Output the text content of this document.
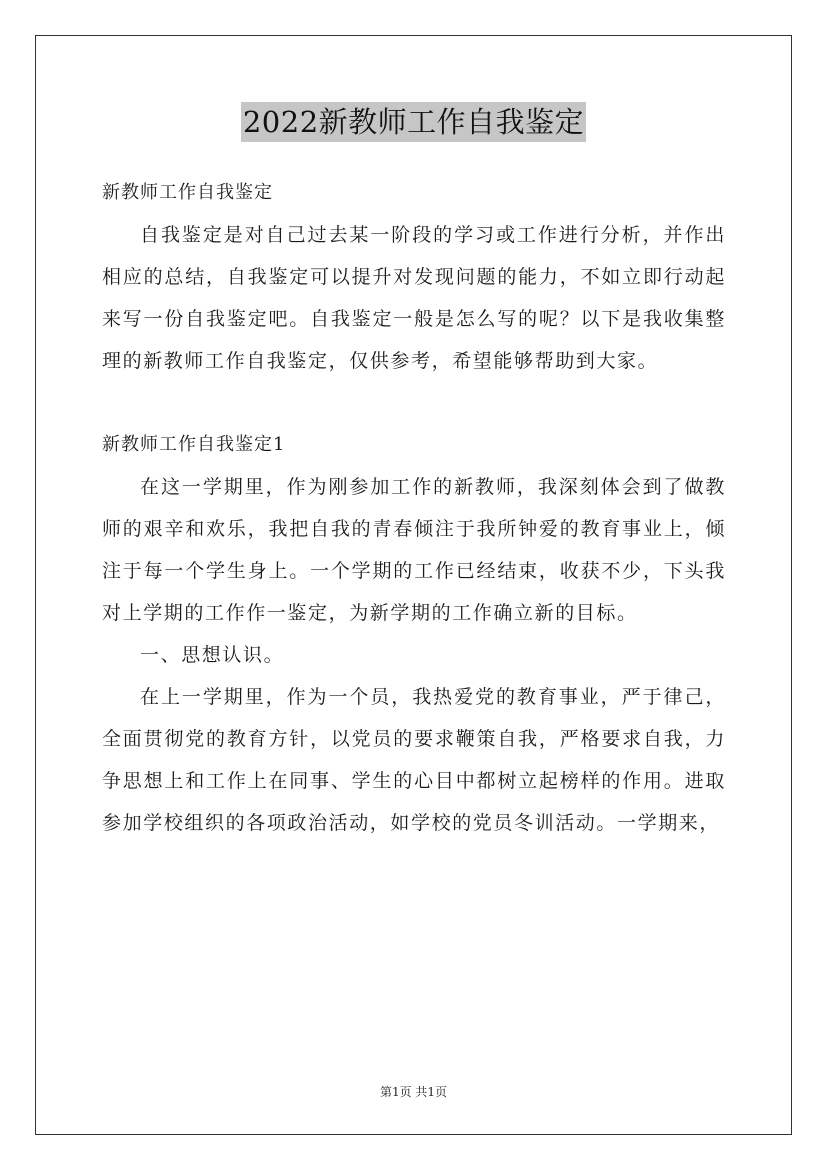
2022新教师工作自我鉴定

新教师工作自我鉴定

自我鉴定是对自己过去某一阶段的学习或工作进行分析，并作出相应的总结，自我鉴定可以提升对发现问题的能力，不如立即行动起来写一份自我鉴定吧。自我鉴定一般是怎么写的呢？以下是我收集整理的新教师工作自我鉴定，仅供参考，希望能够帮助到大家。

新教师工作自我鉴定1

在这一学期里，作为刚参加工作的新教师，我深刻体会到了做教师的艰辛和欢乐，我把自我的青春倾注于我所钟爱的教育事业上，倾注于每一个学生身上。一个学期的工作已经结束，收获不少，下头我对上学期的工作作一鉴定，为新学期的工作确立新的目标。

一、思想认识。

在上一学期里，作为一个员，我热爱党的教育事业，严于律己，全面贯彻党的教育方针，以党员的要求鞭策自我，严格要求自我，力争思想上和工作上在同事、学生的心目中都树立起榜样的作用。进取参加学校组织的各项政治活动，如学校的党员冬训活动。一学期来，

第1页 共1页
